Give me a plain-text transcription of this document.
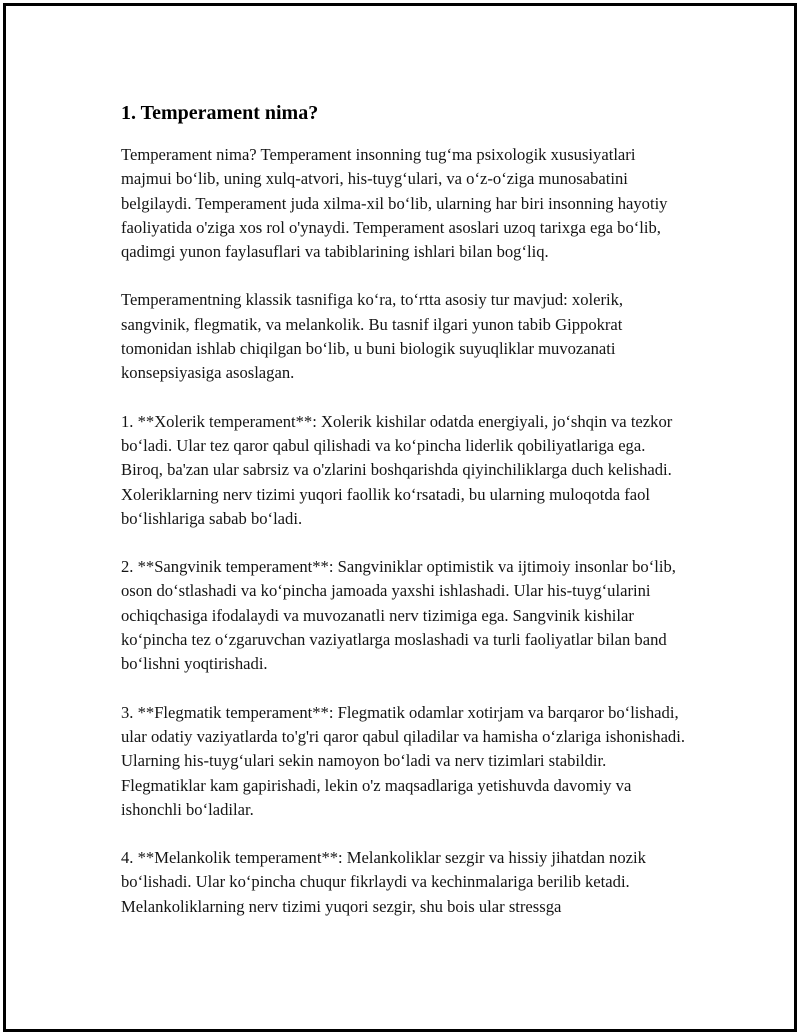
1. Temperament nima?

Temperament nima? Temperament insonning tugʻma psixologik xususiyatlari majmui boʻlib, uning xulq-atvori, his-tuygʻulari, va oʻz-oʻziga munosabatini belgilaydi. Temperament juda xilma-xil boʻlib, ularning har biri insonning hayotiy faoliyatida o'ziga xos rol o'ynaydi. Temperament asoslari uzoq tarixga ega boʻlib, qadimgi yunon faylasuflari va tabiblarining ishlari bilan bogʻliq.

Temperamentning klassik tasnifiga koʻra, toʻrtta asosiy tur mavjud: xolerik, sangvinik, flegmatik, va melankolik. Bu tasnif ilgari yunon tabib Gippokrat tomonidan ishlab chiqilgan boʻlib, u buni biologik suyuqliklar muvozanati konsepsiyasiga asoslagan.

1. **Xolerik temperament**: Xolerik kishilar odatda energiyali, joʻshqin va tezkor boʻladi. Ular tez qaror qabul qilishadi va koʻpincha liderlik qobiliyatlariga ega. Biroq, ba'zan ular sabrsiz va o'zlarini boshqarishda qiyinchiliklarga duch kelishadi. Xoleriklarning nerv tizimi yuqori faollik koʻrsatadi, bu ularning muloqotda faol boʻlishlariga sabab boʻladi.

2. **Sangvinik temperament**: Sangviniklar optimistik va ijtimoiy insonlar boʻlib, oson doʻstlashadi va koʻpincha jamoada yaxshi ishlashadi. Ular his-tuygʻularini ochiqchasiga ifodalaydi va muvozanatli nerv tizimiga ega. Sangvinik kishilar koʻpincha tez oʻzgaruvchan vaziyatlarga moslashadi va turli faoliyatlar bilan band boʻlishni yoqtirishadi.

3. **Flegmatik temperament**: Flegmatik odamlar xotirjam va barqaror boʻlishadi, ular odatiy vaziyatlarda to'g'ri qaror qabul qiladilar va hamisha oʻzlariga ishonishadi. Ularning his-tuygʻulari sekin namoyon boʻladi va nerv tizimlari stabildir. Flegmatiklar kam gapirishadi, lekin o'z maqsadlariga yetishuvda davomiy va ishonchli boʻladilar.

4. **Melankolik temperament**: Melankoliklar sezgir va hissiy jihatdan nozik boʻlishadi. Ular koʻpincha chuqur fikrlaydi va kechinmalariga berilib ketadi. Melankoliklarning nerv tizimi yuqori sezgir, shu bois ular stressga
